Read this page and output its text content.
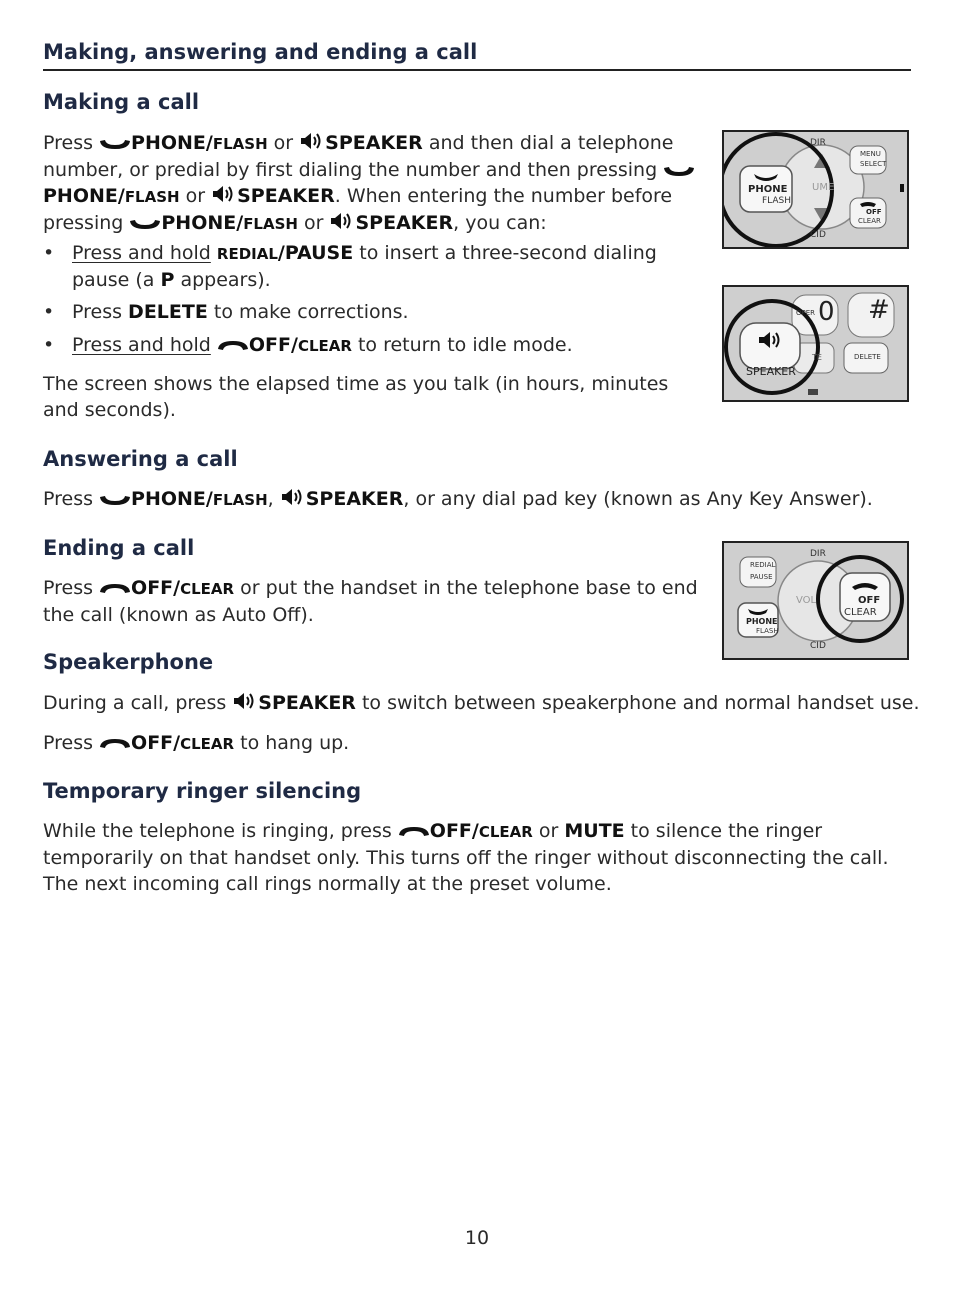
Making, answering and ending a call
Making a call

Press PHONE/FLASH or SPEAKER and then dial a telephone number, or predial by first dialing the number and then pressing PHONE/FLASH or SPEAKER. When entering the number before pressing PHONE/FLASH or SPEAKER, you can:

• Press and hold REDIAL/PAUSE to insert a three-second dialing pause (a P appears).
• Press DELETE to make corrections.
• Press and hold OFF/CLEAR to return to idle mode.

The screen shows the elapsed time as you talk (in hours, minutes and seconds).

Answering a call

Press PHONE/FLASH, SPEAKER, or any dial pad key (known as Any Key Answer).

Ending a call

Press OFF/CLEAR or put the handset in the telephone base to end the call (known as Auto Off).

Speakerphone

During a call, press SPEAKER to switch between speakerphone and normal handset use.

Press OFF/CLEAR to hang up.

Temporary ringer silencing

While the telephone is ringing, press OFF/CLEAR or MUTE to silence the ringer temporarily on that handset only. This turns off the ringer without disconnecting the call. The next incoming call rings normally at the preset volume.

DIR
MENU
SELECT
UME
OFF
CLEAR
PHONE
FLASH
CID
OPER 0 #
TE	DELETE
SPEAKER
DIR
REDIAL
PAUSE
VOL
PHONE
FLASH
OFF
CLEAR
CID
10
